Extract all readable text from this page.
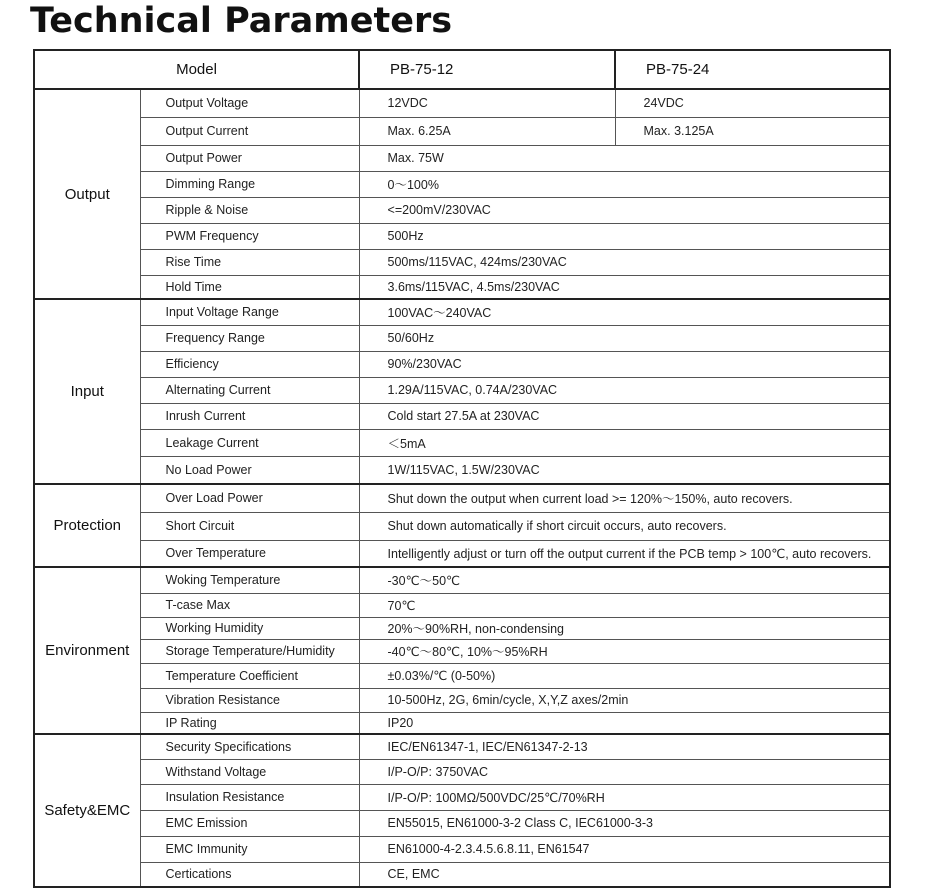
Technical Parameters
Model		PB-75-12	PB-75-24
Output	Output Voltage	12VDC	24VDC
	Output Current	Max. 6.25A	Max. 3.125A
	Output Power	Max. 75W	
	Dimming Range	0～100%	
	Ripple & Noise	<=200mV/230VAC	
	PWM Frequency	500Hz	
	Rise Time	500ms/115VAC, 424ms/230VAC	
	Hold Time	3.6ms/115VAC, 4.5ms/230VAC	
Input	Input Voltage Range	100VAC～240VAC	
	Frequency Range	50/60Hz	
	Efficiency	90%/230VAC	
	Alternating Current	1.29A/115VAC, 0.74A/230VAC	
	Inrush Current	Cold start 27.5A at 230VAC	
	Leakage Current	＜5mA	
	No Load Power	1W/115VAC, 1.5W/230VAC	
Protection	Over Load Power	Shut down the output when current load >= 120%～150%, auto recovers.	
	Short Circuit	Shut down automatically if short circuit occurs, auto recovers.	
	Over Temperature	Intelligently adjust or turn off the output current if the PCB temp > 100℃, auto recovers.	
Environment	Woking Temperature	-30℃～50℃	
	T-case Max	70℃	
	Working Humidity	20%～90%RH, non-condensing	
	Storage Temperature/Humidity	-40℃～80℃, 10%～95%RH	
	Temperature Coefficient	±0.03%/℃ (0-50%)	
	Vibration Resistance	10-500Hz, 2G, 6min/cycle, X,Y,Z axes/2min	
	IP Rating	IP20	
Safety&EMC	Security Specifications	IEC/EN61347-1, IEC/EN61347-2-13	
	Withstand Voltage	I/P-O/P: 3750VAC	
	Insulation Resistance	I/P-O/P: 100MΩ/500VDC/25℃/70%RH	
	EMC Emission	EN55015, EN61000-3-2 Class C, IEC61000-3-3	
	EMC Immunity	EN61000-4-2.3.4.5.6.8.11, EN61547	
	Certications	CE, EMC	
